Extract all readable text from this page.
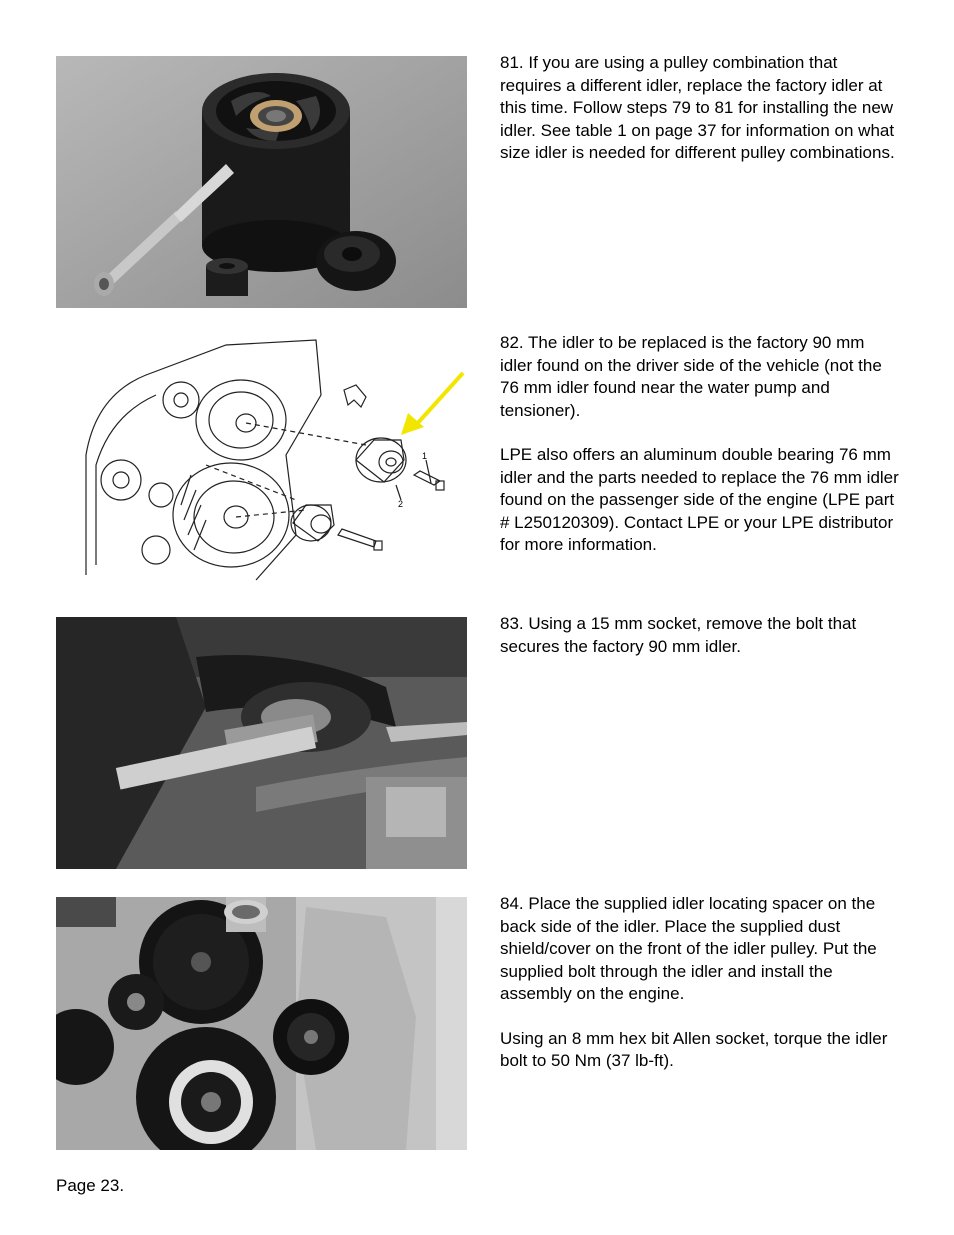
81. If you are using a pulley combination that requires a different idler, replace the factory idler at this time. Follow steps 79 to 81 for installing the new idler. See table 1 on page 37 for information on what size idler is needed for different pulley combinations.

1
2

82. The idler to be replaced is the factory 90 mm idler found on the driver side of the vehicle (not the 76 mm idler found near the water pump and tensioner).

LPE also offers an aluminum double bearing 76 mm idler and the parts needed to replace the 76 mm idler found on the passenger side of the engine (LPE part # L250120309). Contact LPE or your LPE distributor for more information.

83. Using a 15 mm socket, remove the bolt that secures the factory 90 mm idler.

84. Place the supplied idler locating spacer on the back side of the idler. Place the supplied dust shield/cover on the front of the idler pulley. Put the supplied bolt through the idler and install the assembly on the engine.

Using an 8 mm hex bit Allen socket, torque the idler bolt to 50 Nm (37 lb-ft).

Page 23.
